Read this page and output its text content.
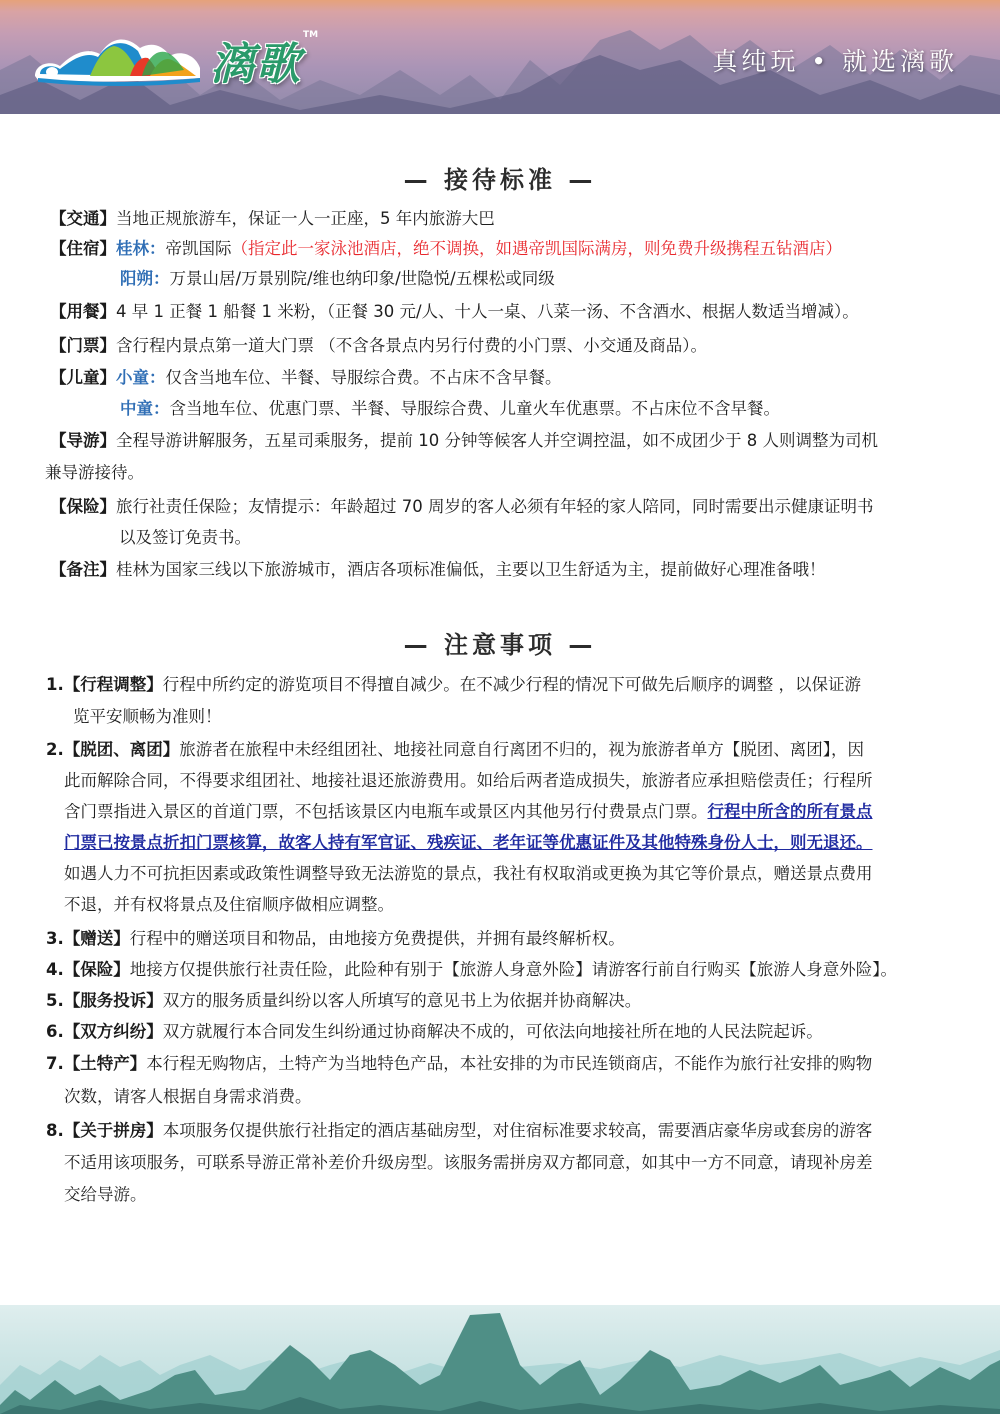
漓歌
TM
真纯玩 • 就选漓歌
— 接待标准 —
【交通】当地正规旅游车，保证一人一正座，5 年内旅游大巴
【住宿】桂林：帝凯国际（指定此一家泳池酒店，绝不调换，如遇帝凯国际满房，则免费升级携程五钻酒店）
阳朔：万景山居/万景别院/维也纳印象/世隐悦/五棵松或同级
【用餐】4 早 1 正餐 1 船餐 1 米粉，（正餐 30 元/人、十人一桌、八菜一汤、不含酒水、根据人数适当增减）。
【门票】含行程内景点第一道大门票 （不含各景点内另行付费的小门票、小交通及商品）。
【儿童】小童：仅含当地车位、半餐、导服综合费。不占床不含早餐。
中童：含当地车位、优惠门票、半餐、导服综合费、儿童火车优惠票。不占床位不含早餐。
【导游】全程导游讲解服务，五星司乘服务，提前 10 分钟等候客人并空调控温，如不成团少于 8 人则调整为司机
兼导游接待。
【保险】旅行社责任保险；友情提示：年龄超过 70 周岁的客人必须有年轻的家人陪同，同时需要出示健康证明书
以及签订免责书。
【备注】桂林为国家三线以下旅游城市，酒店各项标准偏低，主要以卫生舒适为主，提前做好心理准备哦！
— 注意事项 —
1.【行程调整】行程中所约定的游览项目不得擅自减少。在不减少行程的情况下可做先后顺序的调整 ，以保证游
览平安顺畅为准则！
2.【脱团、离团】旅游者在旅程中未经组团社、地接社同意自行离团不归的，视为旅游者单方【脱团、离团】，因
此而解除合同，不得要求组团社、地接社退还旅游费用。如给后两者造成损失，旅游者应承担赔偿责任；行程所
含门票指进入景区的首道门票，不包括该景区内电瓶车或景区内其他另行付费景点门票。行程中所含的所有景点
门票已按景点折扣门票核算，故客人持有军官证、残疾证、老年证等优惠证件及其他特殊身份人士，则无退还。
如遇人力不可抗拒因素或政策性调整导致无法游览的景点，我社有权取消或更换为其它等价景点，赠送景点费用
不退，并有权将景点及住宿顺序做相应调整。
3.【赠送】行程中的赠送项目和物品，由地接方免费提供，并拥有最终解析权。
4.【保险】地接方仅提供旅行社责任险，此险种有别于【旅游人身意外险】请游客行前自行购买【旅游人身意外险】。
5.【服务投诉】双方的服务质量纠纷以客人所填写的意见书上为依据并协商解决。
6.【双方纠纷】双方就履行本合同发生纠纷通过协商解决不成的，可依法向地接社所在地的人民法院起诉。
7.【土特产】本行程无购物店，土特产为当地特色产品，本社安排的为市民连锁商店，不能作为旅行社安排的购物
次数，请客人根据自身需求消费。
8.【关于拼房】本项服务仅提供旅行社指定的酒店基础房型，对住宿标准要求较高，需要酒店豪华房或套房的游客
不适用该项服务，可联系导游正常补差价升级房型。该服务需拼房双方都同意，如其中一方不同意，请现补房差
交给导游。
